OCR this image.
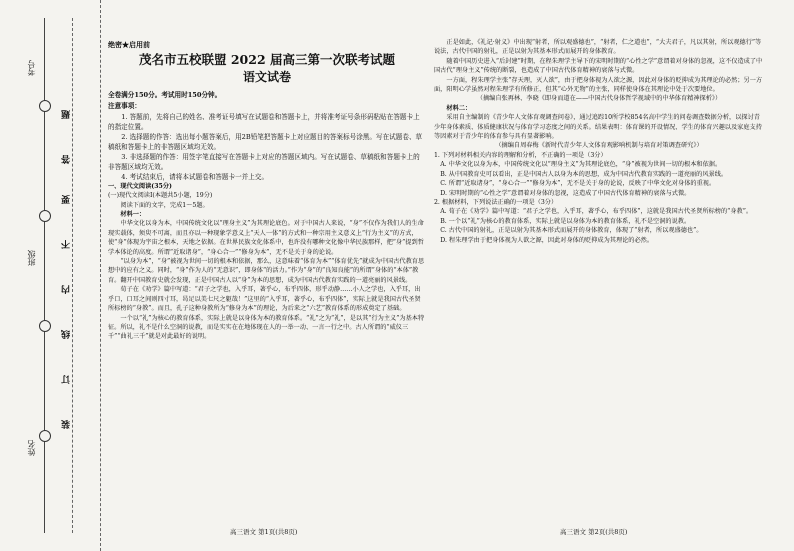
考号
班级
姓名
题
答
要
不
内
线
订
装
绝密★启用前
茂名市五校联盟 2022 届高三第一次联考试题
语文试卷
全卷满分150分。考试用时150分钟。
注意事项：

1. 答题前，先将自己的姓名、准考证号填写在试题卷和答题卡上，并将准考证号条形码粘贴在答题卡上的指定位置。

2. 选择题的作答：选出每小题答案后，用2B铅笔把答题卡上对应题目的答案标号涂黑。写在试题卷、草稿纸和答题卡上的非答题区域均无效。

3. 非选择题的作答：用签字笔直接写在答题卡上对应的答题区域内。写在试题卷、草稿纸和答题卡上的非答题区域均无效。

4. 考试结束后，请将本试题卷和答题卡一并上交。

一、现代文阅读(35分)
(一)现代文阅读Ⅰ(本题共5小题，19分)

阅读下面的文字，完成1～5题。

材料一：

中华文化以身为本，中国传统文化以“理身主义”为其理论底色。对于中国古人来说，“身”不仅作为我们人的生命现实载体，须臾不可离，而且亦以一种现象学意义上“天人一体”的方式和一种宗用主义意义上“行为主义”的方式，使“身”体现为宇宙之根本，天地之依据。在世界民族文化体系中，也许没有哪种文化像中华民族那样，把“身”提到哲学本体论的高度。所谓“近取诸身”，“身心合一”“修身为本”，无不是关于身的论说。

“以身为本”，“身”被视为世间一切的根本和依据，那么，这意味着“体育为本”“体育优先”就成为中国古代教育思想中的应有之义。同时，“身”作为人的“无意识”，即身体“的活力。”作为“身”的“良知良能”的所谓“身体的“本体”教育。翻开中国教育史就会发现，正是中国古人以“身”为本的思想，成为中国古代教育实践的一道亮丽的风景线。

荀子在《劝学》篇中写道：“君子之学也，入乎耳，著乎心，布乎四体，形乎动静……小人之学也，入乎耳，出乎口，口耳之间则四寸耳，曷足以美七尺之躯哉！”这里的“入乎耳，著乎心，布乎四体”，实际上就是我国古代圣贤所标榜的“身教”。而且，孔子这种身教所为“修身为本”的理论，为后来之“六艺”教育体系的形成奠定了基础。

一个以“礼”为核心的教育体系，实际上就是以身体为本的教育体系。“礼”之为“礼”，是以其“行为主义”为基本特征。所以，礼不是什么空洞的说教，而是实实在在地体现在人的一举一动、一言一行之中。古人所谓的“威仪三千”“曲礼三千”就是对此最好的说明。

高三语文 第1页(共8页)

正是如此，《礼记·射义》中出现“射者，所以观盛德也”，“射者，仁之道也”，“大夫君子，凡以其射，所以观德行”等说法，古代中国的射礼，正是以射为其基本形式而展开的身体教育。

随着中国历史进入“后封建”时期，在程朱理学主导下的宋明时期的“心性之学”意谓着对身体的忽视，这不仅造成了中国古代“理身主义”传统的断裂，也造成了中国古代体育精神的衰落与式微。

一方面，程朱理学主张“存天理，灭人欲”，由于把身体视为人欲之源，因此对身体的贬抑成为其理论的必然；另一方面，阳明心学虽然对程朱理学有所修正，但其“心外无物”的主张，同样使身体在其理论中处于次要地位。

（摘编自张再林、李晓《即身而道在——中国古代身体哲学视域中的中华体育精神探析》）

材料二：

采用自主编制的《青少年人文体育观调查问卷》，通过追踪10所学校854名高中学生的问卷调查数据分析，以探讨青少年身体素质、体质健康状况与体育学习态度之间的关系。结果表明：体育课的开设情况、学生的体育兴趣以及家庭支持等因素对于青少年的体育参与具有显著影响。

（摘编自周春梅《新时代青少年人文体育观影响机制与培育对策调查研究》）
1. 下列对材料相关内容的理解和分析，不正确的一项是（3分）
A. 中华文化以身为本，中国传统文化以“理身主义”为其理论底色，“身”被视为世间一切的根本和依据。
B. 从中国教育史可以看出，正是中国古人以身为本的思想，成为中国古代教育实践的一道亮丽的风景线。
C. 所谓“近取诸身”，“身心合一”“修身为本”，无不是关于身的论说，反映了中华文化对身体的重视。
D. 宋明时期的“心性之学”意谓着对身体的忽视，这造成了中国古代体育精神的衰落与式微。
2. 根据材料，下列说法正确的一项是（3分）
A. 荀子在《劝学》篇中写道：“君子之学也，入乎耳，著乎心，布乎四体”，这就是我国古代圣贤所标榜的“身教”。
B. 一个以“礼”为核心的教育体系，实际上就是以身体为本的教育体系，礼不是空洞的说教。
C. 古代中国的射礼，正是以射为其基本形式而展开的身体教育，体现了“射者，所以观盛德也”。
D. 程朱理学由于把身体视为人欲之源，因此对身体的贬抑成为其理论的必然。
高三语文 第2页(共8页)
